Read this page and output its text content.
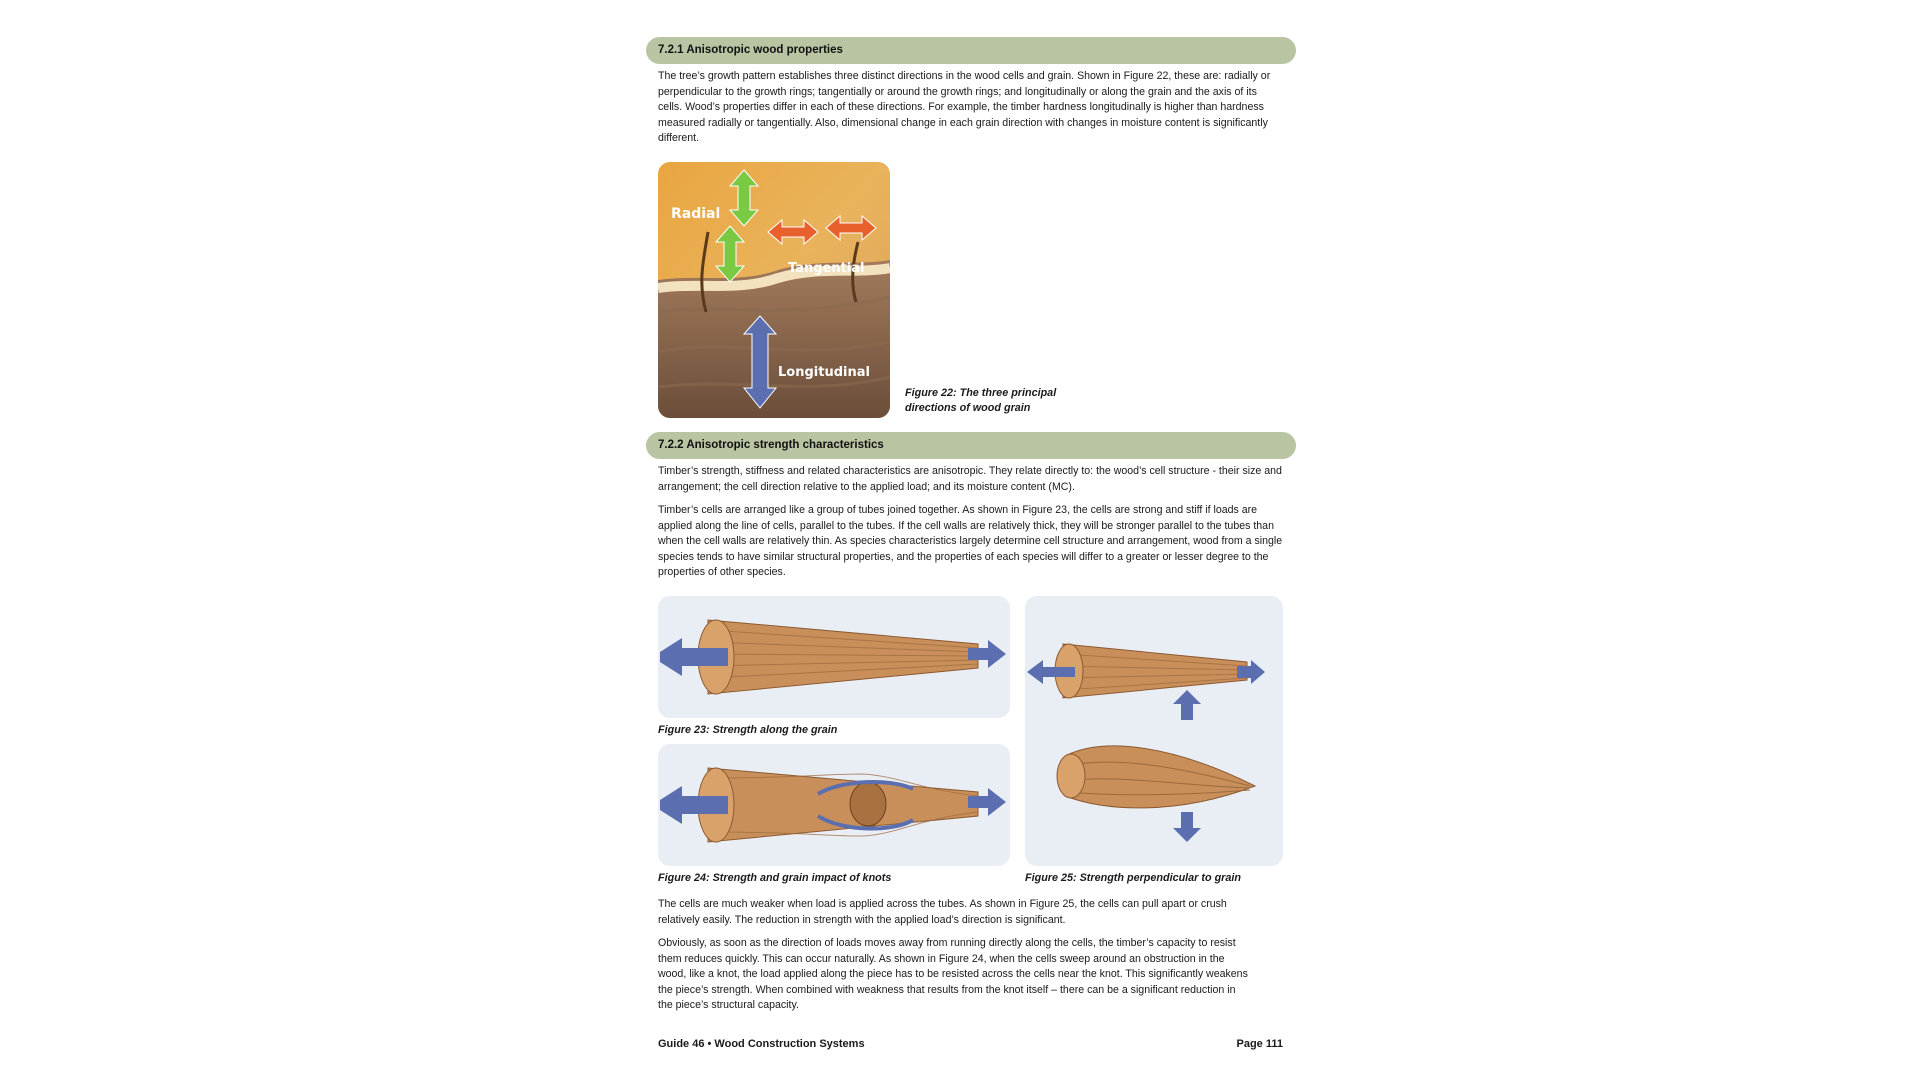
7.2.1 Anisotropic wood properties

The tree’s growth pattern establishes three distinct directions in the wood cells and grain. Shown in Figure 22, these are: radially or perpendicular to the growth rings; tangentially or around the growth rings; and longitudinally or along the grain and the axis of its cells. Wood’s properties differ in each of these directions. For example, the timber hardness longitudinally is higher than hardness measured radially or tangentially. Also, dimensional change in each grain direction with changes in moisture content is significantly different.

Radial
Tangential
Longitudinal

Figure 22: The three principal

directions of wood grain

7.2.2 Anisotropic strength characteristics

Timber’s strength, stiffness and related characteristics are anisotropic. They relate directly to: the wood’s cell structure - their size and arrangement; the cell direction relative to the applied load; and its moisture content (MC).

Timber’s cells are arranged like a group of tubes joined together. As shown in Figure 23, the cells are strong and stiff if loads are applied along the line of cells, parallel to the tubes. If the cell walls are relatively thick, they will be stronger parallel to the tubes than when the cell walls are relatively thin. As species characteristics largely determine cell structure and arrangement, wood from a single species tends to have similar structural properties, and the properties of each species will differ to a greater or lesser degree to the properties of other species.

Figure 23: Strength along the grain

Figure 24: Strength and grain impact of knots	Figure 25: Strength perpendicular to grain

The cells are much weaker when load is applied across the tubes. As shown in Figure 25, the cells can pull apart or crush relatively easily. The reduction in strength with the applied load’s direction is significant.

Obviously, as soon as the direction of loads moves away from running directly along the cells, the timber’s capacity to resist them reduces quickly. This can occur naturally. As shown in Figure 24, when the cells sweep around an obstruction in the wood, like a knot, the load applied along the piece has to be resisted across the cells near the knot. This significantly weakens the piece’s strength. When combined with weakness that results from the knot itself – there can be a significant reduction in the piece’s structural capacity.

Guide 46 • Wood Construction Systems	Page 111
